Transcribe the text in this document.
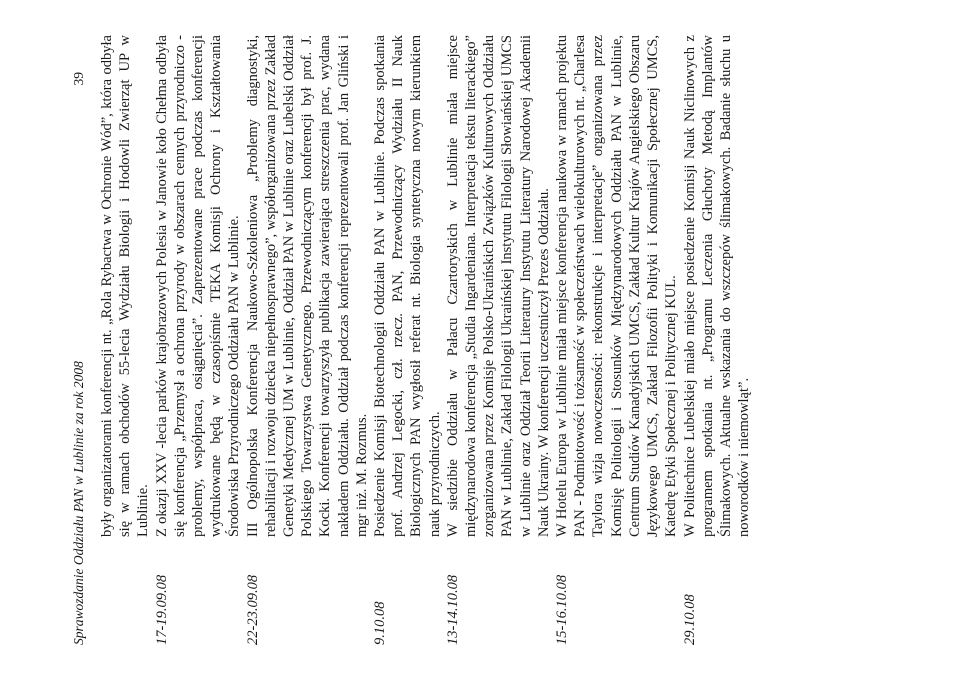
Sprawozdanie Oddziału PAN w Lublinie za rok 2008
39 były organizatorami konferencji nt. „Rola Rybactwa w Ochronie Wód”, która odbyła się w ramach obchodów 55-lecia Wydziału Biologii i Hodowli Zwierząt UP w Lublinie.
17-19.09.08
Z okazji XXV -lecia parków krajobrazowych Polesia w Janowie koło Chełma odbyła się konferencja „Przemysł a ochrona przyrody w obszarach cennych przyrodniczo - problemy, współpraca, osiągnięcia”. Zaprezentowane prace podczas konferencji wydrukowane będą w czasopiśmie TEKA Komisji Ochrony i Kształtowania Środowiska Przyrodniczego Oddziału PAN w Lublinie.
22-23.09.08
III Ogólnopolska Konferencja Naukowo-Szkoleniowa „Problemy diagnostyki, rehabilitacji i rozwoju dziecka niepełnosprawnego”, współorganizowana przez Zakład Genetyki Medycznej UM w Lublinie, Oddział PAN w Lublinie oraz Lubelski Oddział Polskiego Towarzystwa Genetycznego. Przewodniczącym konferencji był prof. J. Kocki. Konferencji towarzyszyła publikacja zawierająca streszczenia prac, wydana nakładem Oddziału. Oddział podczas konferencji reprezentowali prof. Jan Gliński i mgr inż. M. Rozmus.
9.10.08
Posiedzenie Komisji Biotechnologii Oddziału PAN w Lublinie. Podczas spotkania prof. Andrzej Legocki, czł. rzecz. PAN, Przewodniczący Wydziału II Nauk Biologicznych PAN wygłosił referat nt. Biologia syntetyczna nowym kierunkiem nauk przyrodniczych.
13-14.10.08
W siedzibie Oddziału w Pałacu Czartoryskich w Lublinie miała miejsce międzynarodowa konferencja „Studia Ingardeniana. Interpretacja tekstu literackiego” zorganizowana przez Komisje Polsko-Ukraińskich Związków Kulturowych Oddziału PAN w Lublinie, Zakład Filologii Ukraińskiej Instytutu Filologii Słowiańskiej UMCS w Lublinie oraz Oddział Teorii Literatury Instytutu Literatury Narodowej Akademii Nauk Ukrainy. W konferencji uczestniczył Prezes Oddziału.
15-16.10.08
W Hotelu Europa w Lublinie miała miejsce konferencja naukowa w ramach projektu PAN - Podmiotowość i tożsamość w społeczeństwach wielokulturowych nt. „Charlesa Taylora wizja nowoczesności: rekonstrukcje i interpretacje” organizowana przez Komisję Politologii i Stosunków Międzynarodowych Oddziału PAN w Lublinie, Centrum Studiów Kanadyjskich UMCS, Zakład Kultur Krajów Angielskiego Obszaru Językowego UMCS, Zakład Filozofii Polityki i Komunikacji Społecznej UMCS, Katedrę Etyki Społecznej i Politycznej KUL.
29.10.08
W Politechnice Lubelskiej miało miejsce posiedzenie Komisji Nauk Niclinowych z programem spotkania nt. „Programu Leczenia Głuchoty Metodą Implantów Ślimakowych. Aktualne wskazania do wszczepów ślimakowych. Badanie słuchu u noworodków i niemowląt”.
